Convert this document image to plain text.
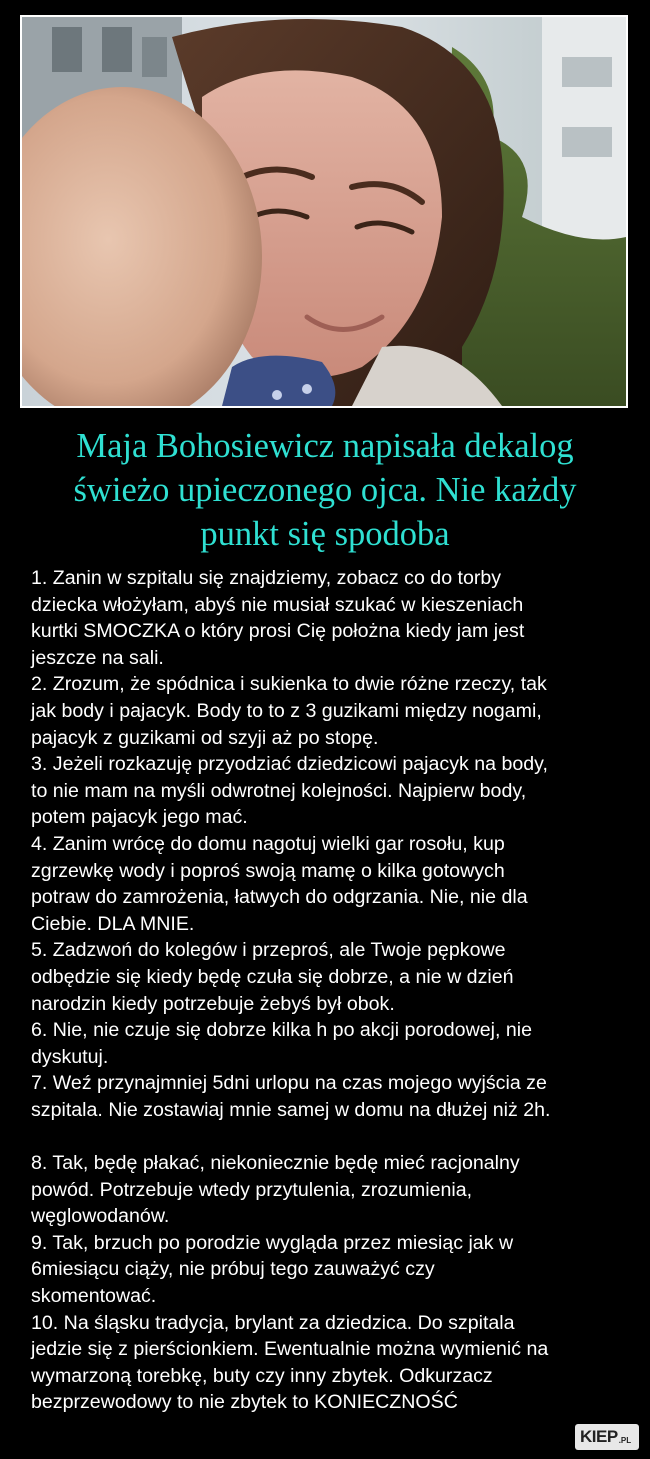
Maja Bohosiewicz napisała dekalog
świeżo upieczonego ojca. Nie każdy
punkt się spodoba
1. Zanin w szpitalu się znajdziemy, zobacz co do torby
dziecka włożyłam, abyś nie musiał szukać w kieszeniach
kurtki SMOCZKA o który prosi Cię położna kiedy jam jest
jeszcze na sali.
2. Zrozum, że spódnica i sukienka to dwie różne rzeczy, tak
jak body i pajacyk. Body to to z 3 guzikami między nogami,
pajacyk z guzikami od szyji aż po stopę.
3. Jeżeli rozkazuję przyodziać dziedzicowi pajacyk na body,
to nie mam na myśli odwrotnej kolejności. Najpierw body,
potem pajacyk jego mać.
4. Zanim wrócę do domu nagotuj wielki gar rosołu, kup
zgrzewkę wody i poproś swoją mamę o kilka gotowych
potraw do zamrożenia, łatwych do odgrzania. Nie, nie dla
Ciebie. DLA MNIE.
5. Zadzwoń do kolegów i przeproś, ale Twoje pępkowe
odbędzie się kiedy będę czuła się dobrze, a nie w dzień
narodzin kiedy potrzebuje żebyś był obok.
6. Nie, nie czuje się dobrze kilka h po akcji porodowej, nie
dyskutuj.
7. Weź przynajmniej 5dni urlopu na czas mojego wyjścia ze
szpitala. Nie zostawiaj mnie samej w domu na dłużej niż 2h.
8. Tak, będę płakać, niekoniecznie będę mieć racjonalny
powód. Potrzebuje wtedy przytulenia, zrozumienia,
węglowodanów.
9. Tak, brzuch po porodzie wygląda przez miesiąc jak w
6miesiącu ciąży, nie próbuj tego zauważyć czy
skomentować.
10. Na śląsku tradycja, brylant za dziedzica. Do szpitala
jedzie się z pierścionkiem. Ewentualnie można wymienić na
wymarzoną torebkę, buty czy inny zbytek. Odkurzacz
bezprzewodowy to nie zbytek to KONIECZNOŚĆ
KIEP.PL
